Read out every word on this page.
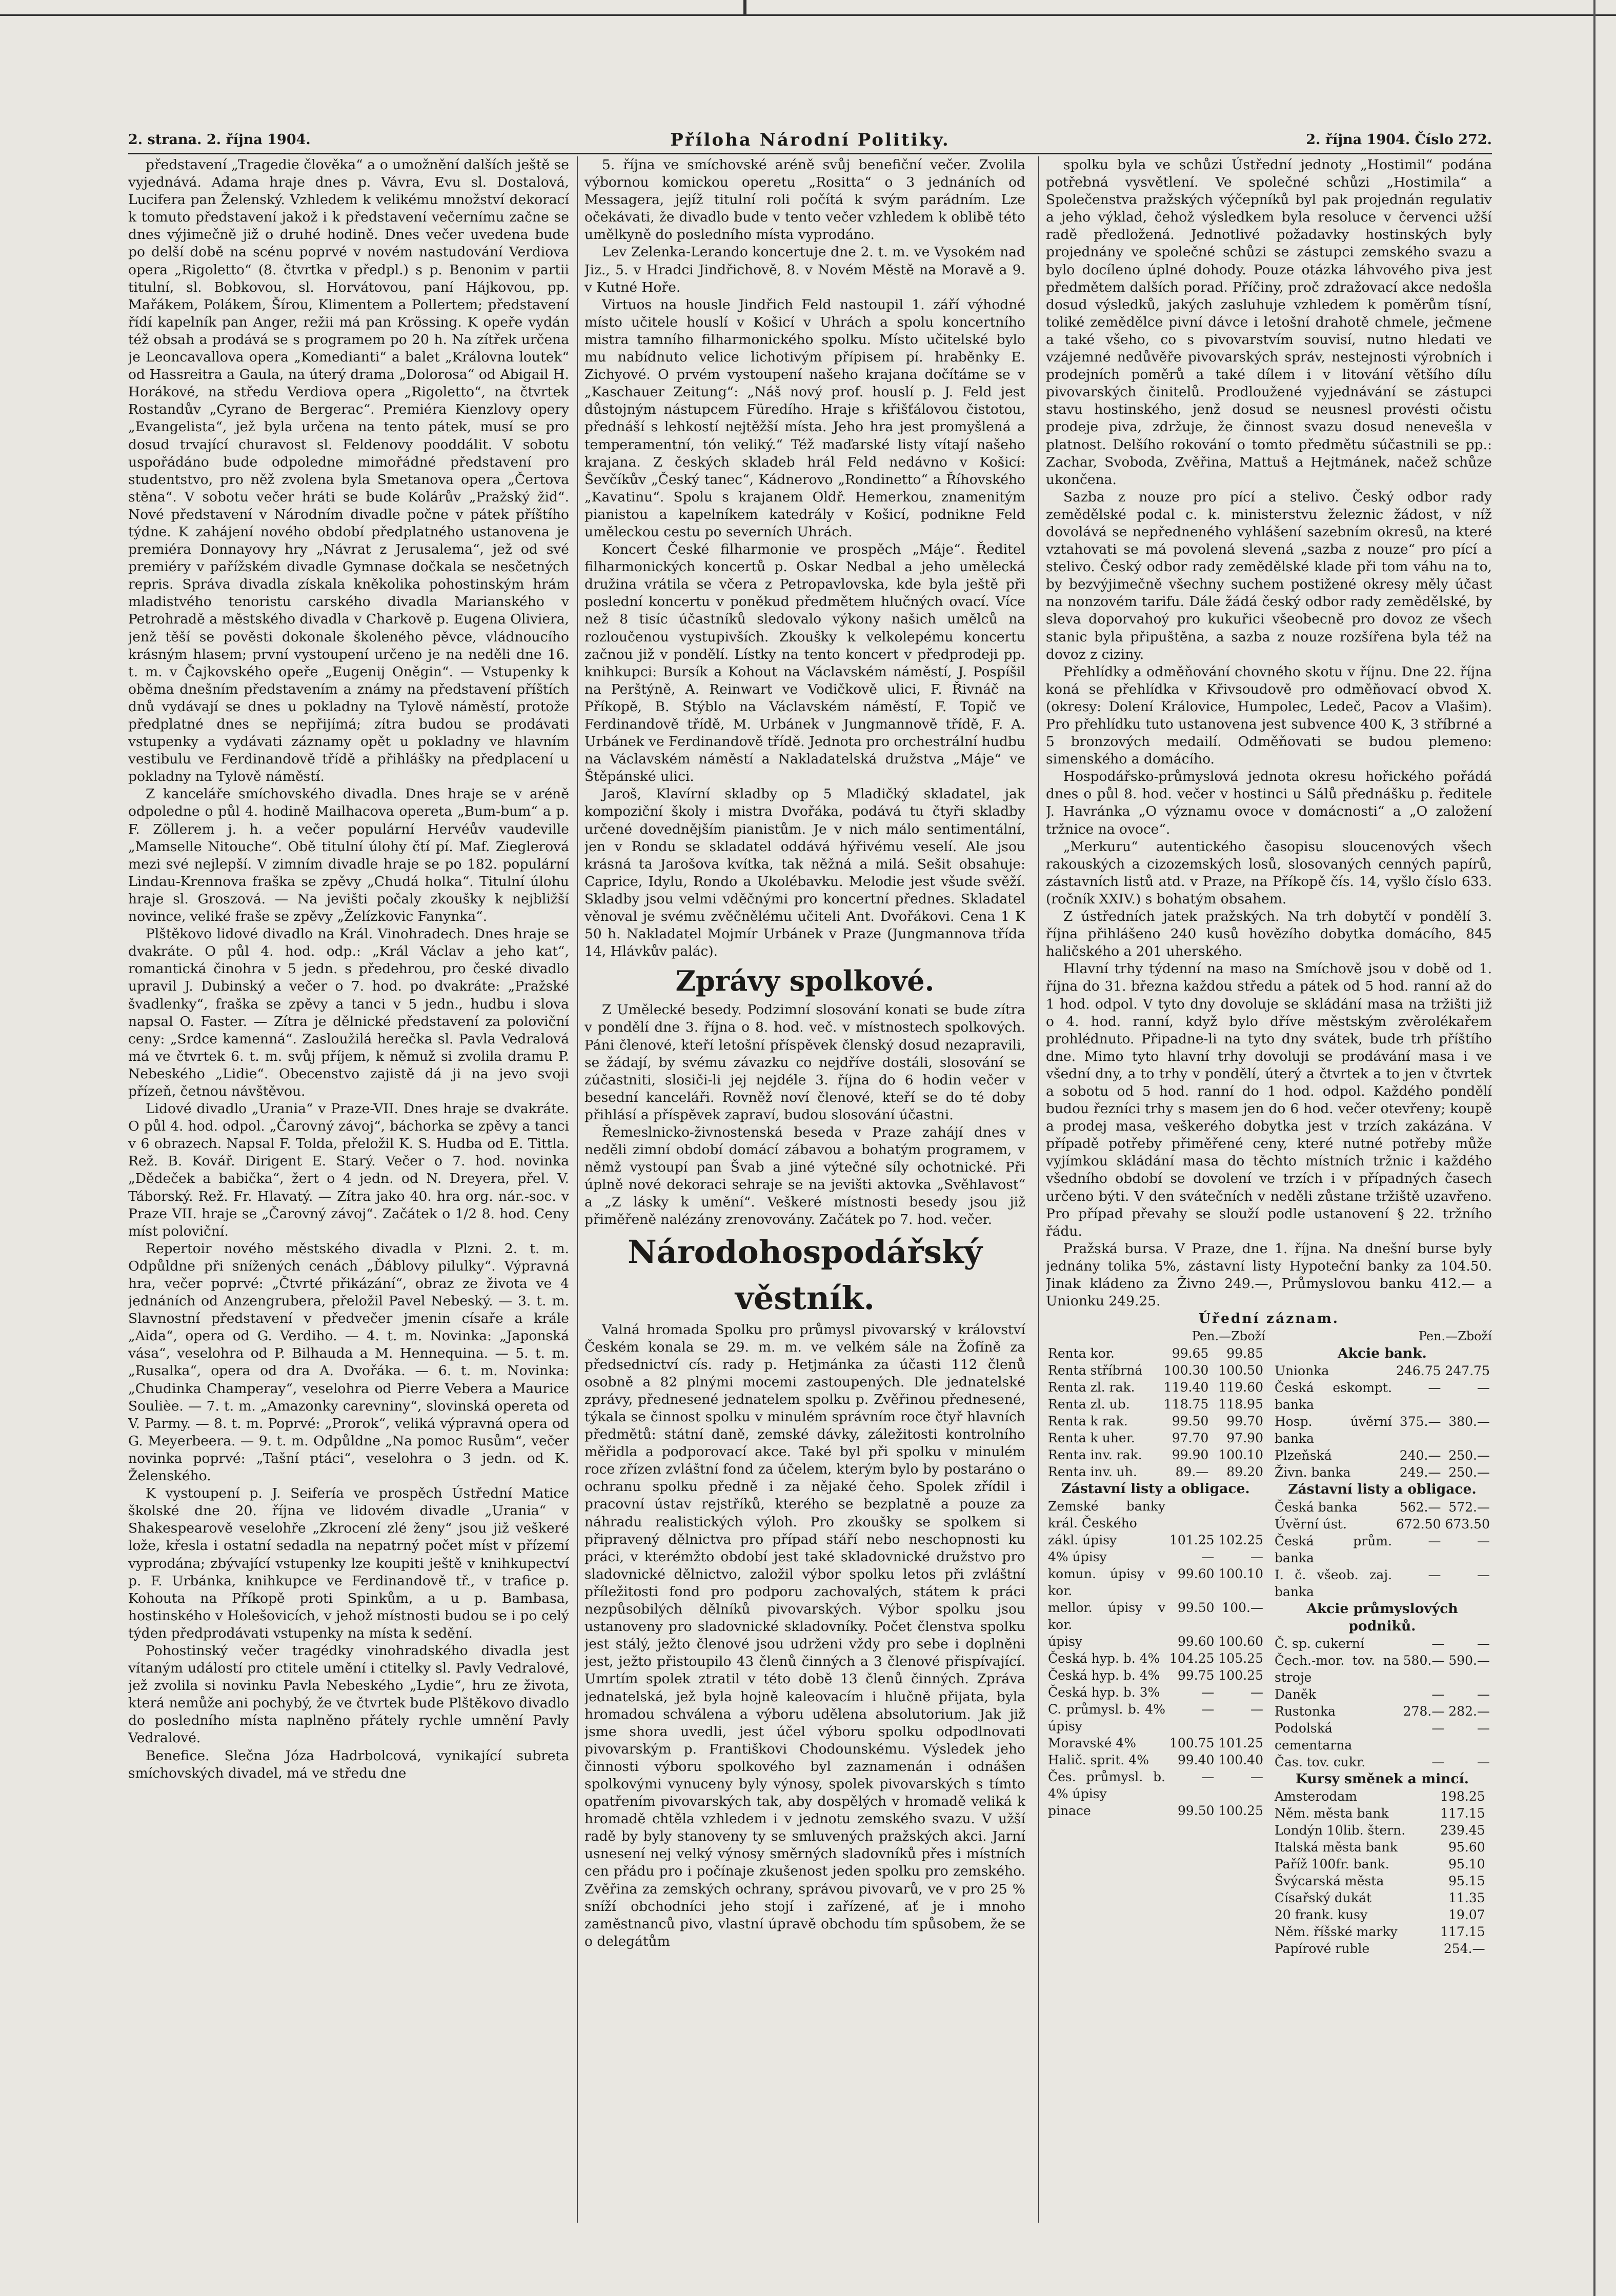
2. strana. 2. října 1904.	Příloha Národní Politiky.	2. října 1904. Číslo 272.

představení „Tragedie člověka“ a o umožnění dalších ještě se vyjednává. Adama hraje dnes p. Vávra, Evu sl. Dostalová, Lucifera pan Želenský. Vzhledem k velikému množství dekorací k tomuto představení jakož i k představení večernímu začne se dnes výjimečně již o druhé hodině. Dnes večer uvedena bude po delší době na scénu poprvé v novém nastudování Verdiova opera „Rigoletto“ (8. čtvrtka v předpl.) s p. Benonim v partii titulní, sl. Bobkovou, sl. Horvátovou, paní Hájkovou, pp. Mařákem, Polákem, Šírou, Klimentem a Pollertem; představení řídí kapelník pan Anger, režii má pan Krössing. K opeře vydán též obsah a prodává se s programem po 20 h. Na zítřek určena je Leoncavallova opera „Komedianti“ a balet „Královna loutek“ od Hassreitra a Gaula, na úterý drama „Dolorosa“ od Abigail H. Horákové, na středu Verdiova opera „Rigoletto“, na čtvrtek Rostandův „Cyrano de Bergerac“. Premiéra Kienzlovy opery „Evangelista“, jež byla určena na tento pátek, musí se pro dosud trvající churavost sl. Feldenovy pooddálit. V sobotu uspořádáno bude odpoledne mimořádné představení pro studentstvo, pro něž zvolena byla Smetanova opera „Čertova stěna“. V sobotu večer hráti se bude Kolárův „Pražský žid“. Nové představení v Národním divadle počne v pátek příštího týdne. K zahájení nového období předplatného ustanovena je premiéra Donnayovy hry „Návrat z Jerusalema“, jež od své premiéry v pařížském divadle Gymnase dočkala se nesčetných repris. Správa divadla získala kněkolika pohostinským hrám mladistvého tenoristu carského divadla Marianského v Petrohradě a městského divadla v Charkově p. Eugena Oliviera, jenž těší se pověsti dokonale školeného pěvce, vládnoucího krásným hlasem; první vystoupení určeno je na neděli dne 16. t. m. v Čajkovského opeře „Eugenij Oněgin“. — Vstupenky k oběma dnešním představením a známy na představení příštích dnů vydávají se dnes u pokladny na Tylově náměstí, protože předplatné dnes se nepřijímá; zítra budou se prodávati vstupenky a vydávati záznamy opět u pokladny ve hlavním vestibulu ve Ferdinandově třídě a přihlášky na předplacení u pokladny na Tylově náměstí.

Z kanceláře smíchovského divadla. Dnes hraje se v aréně odpoledne o půl 4. hodině Mailhacova opereta „Bum-bum“ a p. F. Zöllerem j. h. a večer populární Hervéův vaudeville „Mamselle Nitouche“. Obě titulní úlohy čtí pí. Maf. Zieglerová mezi své nejlepší. V zimním divadle hraje se po 182. populární Lindau-Krennova fraška se zpěvy „Chudá holka“. Titulní úlohu hraje sl. Groszová. — Na jevišti počaly zkoušky k nejbližší novince, veliké fraše se zpěvy „Želízkovic Fanynka“.

Plštěkovo lidové divadlo na Král. Vinohradech. Dnes hraje se dvakráte. O půl 4. hod. odp.: „Král Václav a jeho kat“, romantická činohra v 5 jedn. s předehrou, pro české divadlo upravil J. Dubinský a večer o 7. hod. po dvakráte: „Pražské švadlenky“, fraška se zpěvy a tanci v 5 jedn., hudbu i slova napsal O. Faster. — Zítra je dělnické představení za poloviční ceny: „Srdce kamenná“. Zasloužilá herečka sl. Pavla Vedralová má ve čtvrtek 6. t. m. svůj příjem, k němuž si zvolila dramu P. Nebeského „Lidie“. Obecenstvo zajistě dá ji na jevo svoji přízeň, četnou návštěvou.

Lidové divadlo „Urania“ v Praze-VII. Dnes hraje se dvakráte. O půl 4. hod. odpol. „Čarovný závoj“, báchorka se zpěvy a tanci v 6 obrazech. Napsal F. Tolda, přeložil K. S. Hudba od E. Tittla. Rež. B. Kovář. Dirigent E. Starý. Večer o 7. hod. novinka „Dědeček a babička“, žert o 4 jedn. od N. Dreyera, přel. V. Táborský. Rež. Fr. Hlavatý. — Zítra jako 40. hra org. nár.-soc. v Praze VII. hraje se „Čarovný závoj“. Začátek o 1/2 8. hod. Ceny míst poloviční.

Repertoir nového městského divadla v Plzni. 2. t. m. Odpůldne při snížených cenách „Ďáblovy pilulky“. Výpravná hra, večer poprvé: „Čtvrté přikázání“, obraz ze života ve 4 jednáních od Anzengrubera, přeložil Pavel Nebeský. — 3. t. m. Slavnostní představení v předvečer jmenin císaře a krále „Aida“, opera od G. Verdiho. — 4. t. m. Novinka: „Japonská vása“, veselohra od P. Bilhauda a M. Hennequina. — 5. t. m. „Rusalka“, opera od dra A. Dvořáka. — 6. t. m. Novinka: „Chudinka Champeray“, veselohra od Pierre Vebera a Maurice Soulièe. — 7. t. m. „Amazonky carevniny“, slovinská opereta od V. Parmy. — 8. t. m. Poprvé: „Prorok“, veliká výpravná opera od G. Meyerbeera. — 9. t. m. Odpůldne „Na pomoc Rusům“, večer novinka poprvé: „Tašní ptáci“, veselohra o 3 jedn. od K. Želenského.

K vystoupení p. J. Seifería ve prospěch Ústřední Matice školské dne 20. října ve lidovém divadle „Urania“ v Shakespearově veselohře „Zkrocení zlé ženy“ jsou již veškeré lože, křesla i ostatní sedadla na nepatrný počet míst v přízemí vyprodána; zbývající vstupenky lze koupiti ještě v knihkupectví p. F. Urbánka, knihkupce ve Ferdinandově tř., v trafice p. Kohouta na Příkopě proti Spinkům, a u p. Bambasa, hostinského v Holešovicích, v jehož místnosti budou se i po celý týden předprodávati vstupenky na místa k sedění.

Pohostinský večer tragédky vinohradského divadla jest vítaným událostí pro ctitele umění i ctitelky sl. Pavly Vedralové, jež zvolila si novinku Pavla Nebeského „Lydie“, hru ze života, která nemůže ani pochybý, že ve čtvrtek bude Plštěkovo divadlo do posledního místa naplněno přátely rychle umnění Pavly Vedralové.

Benefice. Slečna Józa Hadrbolcová, vynikající subreta smíchovských divadel, má ve středu dne

5. října ve smíchovské aréně svůj benefiční večer. Zvolila výbornou komickou operetu „Rositta“ o 3 jednáních od Messagera, jejíž titulní roli počítá k svým parádním. Lze očekávati, že divadlo bude v tento večer vzhledem k oblibě této umělkyně do posledního místa vyprodáno.

Lev Zelenka-Lerando koncertuje dne 2. t. m. ve Vysokém nad Jiz., 5. v Hradci Jindřichově, 8. v Novém Městě na Moravě a 9. v Kutné Hoře.

Virtuos na housle Jindřich Feld nastoupil 1. září výhodné místo učitele houslí v Košicí v Uhrách a spolu koncertního mistra tamního filharmonického spolku. Místo učitelské bylo mu nabídnuto velice lichotivým přípisem pí. hraběnky E. Zichyové. O prvém vystoupení našeho krajana dočítáme se v „Kaschauer Zeitung“: „Náš nový prof. houslí p. J. Feld jest důstojným nástupcem Füredího. Hraje s křišťálovou čistotou, přednáší s lehkostí nejtěžší místa. Jeho hra jest promyšlená a temperamentní, tón veliký.“ Též maďarské listy vítají našeho krajana. Z českých skladeb hrál Feld nedávno v Košicí: Ševčíkův „Český tanec“, Kádnerovo „Rondinetto“ a Říhovského „Kavatinu“. Spolu s krajanem Oldř. Hemerkou, znamenitým pianistou a kapelníkem katedrály v Košicí, podnikne Feld uměleckou cestu po severních Uhrách.

Koncert České filharmonie ve prospěch „Máje“. Ředitel filharmonických koncertů p. Oskar Nedbal a jeho umělecká družina vrátila se včera z Petropavlovska, kde byla ještě při poslední koncertu v poněkud předmětem hlučných ovací. Více než 8 tisíc účastníků sledovalo výkony našich umělců na rozloučenou vystupivších. Zkoušky k velkolepému koncertu začnou již v pondělí. Lístky na tento koncert v předprodeji pp. knihkupci: Bursík a Kohout na Václavském náměstí, J. Pospíšil na Perštýně, A. Reinwart ve Vodičkově ulici, F. Řivnáč na Příkopě, B. Stýblo na Václavském náměstí, F. Topič ve Ferdinandově třídě, M. Urbánek v Jungmannově třídě, F. A. Urbánek ve Ferdinandově třídě. Jednota pro orchestrální hudbu na Václavském náměstí a Nakladatelská družstva „Máje“ ve Štěpánské ulici.

Jaroš, Klavírní skladby op 5 Mladičký skladatel, jak kompoziční školy i mistra Dvořáka, podává tu čtyři skladby určené dovednějším pianistům. Je v nich málo sentimentální, jen v Rondu se skladatel oddává hýřivému veselí. Ale jsou krásná ta Jarošova kvítka, tak něžná a milá. Sešit obsahuje: Caprice, Idylu, Rondo a Ukolébavku. Melodie jest všude svěží. Skladby jsou velmi vděčnými pro koncertní přednes. Skladatel věnoval je svému zvěčnělému učiteli Ant. Dvořákovi. Cena 1 K 50 h. Nakladatel Mojmír Urbánek v Praze (Jungmannova třída 14, Hlávkův palác).

Zprávy spolkové.

Z Umělecké besedy. Podzimní slosování konati se bude zítra v pondělí dne 3. října o 8. hod. več. v místnostech spolkových. Páni členové, kteří letošní příspěvek členský dosud nezapravili, se žádají, by svému závazku co nejdříve dostáli, slosování se zúčastniti, slosiči-li jej nejdéle 3. října do 6 hodin večer v besední kanceláři. Rovněž noví členové, kteří se do té doby přihlásí a příspěvek zapraví, budou slosování účastni.

Řemeslnicko-živnostenská beseda v Praze zahájí dnes v neděli zimní období domácí zábavou a bohatým programem, v němž vystoupí pan Švab a jiné výtečné síly ochotnické. Při úplně nové dekoraci sehraje se na jevišti aktovka „Svěhlavost“ a „Z lásky k umění“. Veškeré místnosti besedy jsou již přiměřeně nalézány zrenovovány. Začátek po 7. hod. večer.

Národohospodářský věstník.

Valná hromada Spolku pro průmysl pivovarský v království Českém konala se 29. m. m. ve velkém sále na Žofíně za předsednictví cís. rady p. Hetjmánka za účasti 112 členů osobně a 82 plnými mocemi zastoupených. Dle jednatelské zprávy, přednesené jednatelem spolku p. Zvěřinou přednesené, týkala se činnost spolku v minulém správním roce čtyř hlavních předmětů: státní daně, zemské dávky, záležitosti kontrolního měřidla a podporovací akce. Také byl při spolku v minulém roce zřízen zvláštní fond za účelem, kterým bylo by postaráno o ochranu spolku předně i za nějaké čeho. Spolek zřídil i pracovní ústav rejstříků, kterého se bezplatně a pouze za náhradu realistických výloh. Pro zkoušky se spolkem si připravený dělnictva pro případ stáří nebo neschopnosti ku práci, v kterémžto období jest také skladovnické družstvo pro sladovnické dělnictvo, založil výbor spolku letos při zvláštní příležitosti fond pro podporu zachovalých, státem k práci nezpůsobilých dělníků pivovarských. Výbor spolku jsou ustanoveny pro sladovnické skladovníky. Počet členstva spolku jest stálý, ježto členové jsou udrženi vždy pro sebe i doplněni jest, ježto přistoupilo 43 členů činných a 3 členové přispívající. Umrtím spolek ztratil v této době 13 členů činných. Zpráva jednatelská, jež byla hojně kaleovacím i hlučně přijata, byla hromadou schválena a výboru udělena absolutorium. Jak již jsme shora uvedli, jest účel výboru spolku odpodlnovati pivovarským p. Františkovi Chodounskému. Výsledek jeho činnosti výboru spolkového byl zaznamenán i odnášen spolkovými vynuceny byly výnosy, spolek pivovarských s tímto opatřením pivovarských tak, aby dospělých v hromadě veliká k hromadě chtěla vzhledem i v jednotu zemského svazu. V užší radě by byly stanoveny ty se smluvených pražských akci. Jarní usnesení nej velký výnosy směrných sladovníků přes i místních cen přádu pro i počínaje zkušenost jeden spolku pro zemského. Zvěřina za zemských ochrany, správou pivovarů, ve v pro 25 % sníží obchodníci jeho stojí i zařízené, ať je i mnoho zaměstnanců pivo, vlastní úpravě obchodu tím spůsobem, že se o delegátům

spolku byla ve schůzi Ústřední jednoty „Hostimil“ podána potřebná vysvětlení. Ve společné schůzi „Hostimila“ a Společenstva pražských výčepníků byl pak projednán regulativ a jeho výklad, čehož výsledkem byla resoluce v červenci užší radě předložená. Jednotlivé požadavky hostinských byly projednány ve společné schůzi se zástupci zemského svazu a bylo docíleno úplné dohody. Pouze otázka láhvového piva jest předmětem dalších porad. Příčiny, proč zdražovací akce nedošla dosud výsledků, jakých zasluhuje vzhledem k poměrům tísní, toliké zemědělce pivní dávce i letošní drahotě chmele, ječmene a také všeho, co s pivovarstvím souvisí, nutno hledati ve vzájemné nedůvěře pivovarských správ, nestejnosti výrobních i prodejních poměrů a také dílem i v litování většího dílu pivovarských činitelů. Prodloužené vyjednávání se zástupci stavu hostinského, jenž dosud se neusnesl provésti očistu prodeje piva, zdržuje, že činnost svazu dosud nenevešla v platnost. Delšího rokování o tomto předmětu súčastnili se pp.: Zachar, Svoboda, Zvěřina, Mattuš a Hejtmánek, načež schůze ukončena.

Sazba z nouze pro pící a stelivo. Český odbor rady zemědělské podal c. k. ministerstvu železnic žádost, v níž dovolává se nepředneného vyhlášení sazebním okresů, na které vztahovati se má povolená slevená „sazba z nouze“ pro pící a stelivo. Český odbor rady zemědělské klade při tom váhu na to, by bezvýjimečně všechny suchem postižené okresy měly účast na nonzovém tarifu. Dále žádá český odbor rady zemědělské, by sleva doporvahoý pro kukuřici všeobecně pro dovoz ze všech stanic byla připuštěna, a sazba z nouze rozšířena byla též na dovoz z ciziny.

Přehlídky a odměňování chovného skotu v říjnu. Dne 22. října koná se přehlídka v Křivsoudově pro odměňovací obvod X. (okresy: Dolení Královice, Humpolec, Ledeč, Pacov a Vlašim). Pro přehlídku tuto ustanovena jest subvence 400 K, 3 stříbrné a 5 bronzových medailí. Odměňovati se budou plemeno: simenského a domácího.

Hospodářsko-průmyslová jednota okresu hořického pořádá dnes o půl 8. hod. večer v hostinci u Sálů přednášku p. ředitele J. Havránka „O významu ovoce v domácnosti“ a „O založení tržnice na ovoce“.

„Merkuru“ autentického časopisu sloucenových všech rakouských a cizozemských losů, slosovaných cenných papírů, zástavních listů atd. v Praze, na Příkopě čís. 14, vyšlo číslo 633. (ročník XXIV.) s bohatým obsahem.

Z ústředních jatek pražských. Na trh dobytčí v pondělí 3. října přihlášeno 240 kusů hovězího dobytka domácího, 845 haličského a 201 uherského.

Hlavní trhy týdenní na maso na Smíchově jsou v době od 1. října do 31. března každou středu a pátek od 5 hod. ranní až do 1 hod. odpol. V tyto dny dovoluje se skládání masa na tržišti již o 4. hod. ranní, když bylo dříve městským zvěrolékařem prohlédnuto. Připadne-li na tyto dny svátek, bude trh příštího dne. Mimo tyto hlavní trhy dovoluji se prodávání masa i ve všední dny, a to trhy v pondělí, úterý a čtvrtek a to jen v čtvrtek a sobotu od 5 hod. ranní do 1 hod. odpol. Každého pondělí budou řezníci trhy s masem jen do 6 hod. večer otevřeny; koupě a prodej masa, veškerého dobytka jest v trzích zakázána. V případě potřeby přiměřené ceny, které nutné potřeby může vyjímkou skládání masa do těchto místních tržnic i každého všedního období se dovolení ve trzích i v případných časech určeno býti. V den svátečních v neděli zůstane tržiště uzavřeno. Pro případ převahy se slouží podle ustanovení § 22. tržního řádu.

Pražská bursa. V Praze, dne 1. října. Na dnešní burse byly jednány tolika 5%, zástavní listy Hypoteční banky za 104.50. Jinak kládeno za Živno 249.—, Průmyslovou banku 412.— a Unionku 249.25.

Úřední záznam.

Pen.—Zboží
Renta kor.	99.65	99.85
Renta stříbrná	100.30	100.50
Renta zl. rak.	119.40	119.60
Renta zl. ub.	118.75	118.95
Renta k rak.	99.50	99.70
Renta k uher.	97.70	97.90
Renta inv. rak.	99.90	100.10
Renta inv. uh.	89.—	89.20
Zástavní listy a obligace.
Zemské banky král. Českého		
zákl. úpisy	101.25	102.25
4% úpisy	—	—
komun. úpisy v kor.	99.60	100.10
mellor. úpisy v kor.	99.50	100.—
úpisy	99.60	100.60
Česká hyp. b. 4%	104.25	105.25
Česká hyp. b. 4%	99.75	100.25
Česká hyp. b. 3%	—	—
C. průmysl. b. 4% úpisy	—	—
Moravské 4%	100.75	101.25
Halič. sprit. 4%	99.40	100.40
Čes. průmysl. b. 4% úpisy	—	—
pinace	99.50	100.25
Pen.—Zboží
Akcie bank.
Unionka	246.75	247.75
Česká eskompt. banka	—	—
Hosp. úvěrní banka	375.—	380.—
Plzeňská	240.—	250.—
Živn. banka	249.—	250.—
Zástavní listy a obligace.
Česká banka	562.—	572.—
Úvěrní úst.	672.50	673.50
Česká prům. banka	—	—
I. č. všeob. zaj. banka	—	—
Akcie průmyslových podniků.
Č. sp. cukerní	—	—
Čech.-mor. tov. na stroje	580.—	590.—
Daněk	—	—
Rustonka	278.—	282.—
Podolská cementarna	—	—
Čas. tov. cukr.	—	—
Kursy směnek a mincí.
Amsterodam	198.25	
Něm. města bank	117.15	
Londýn 10lib. štern.	239.45	
Italská města bank	95.60	
Paříž 100fr. bank.	95.10	
Švýcarská města	95.15	
Císařský dukát	11.35	
20 frank. kusy	19.07	
Něm. říšské marky	117.15	
Papírové ruble	254.—	
